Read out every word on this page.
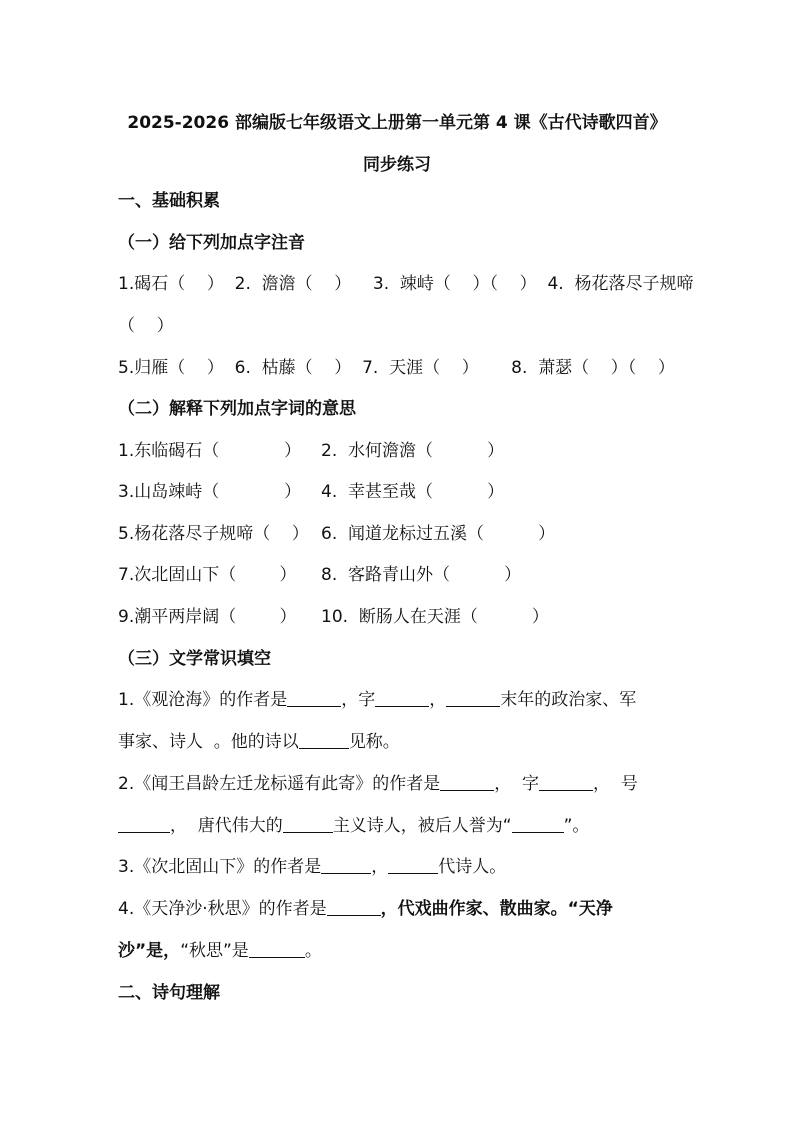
2025-2026 部编版七年级语文上册第一单元第 4 课《古代诗歌四首》
同步练习
一、基础积累
（一）给下列加点字注音
1.碣石（    ）  2.  澹澹（    ）    3.  竦峙（    ）（    ）  4.  杨花落尽子规啼
（    ）
5.归雁（    ）  6.  枯藤（    ）  7.  天涯（    ）      8.  萧瑟（    ）（    ）
（二）解释下列加点字词的意思
1.东临碣石（            ） 2.  水何澹澹（          ）
3.山岛竦峙（            ） 4.  幸甚至哉（          ）
5.杨花落尽子规啼（    ） 6.  闻道龙标过五溪（          ）
7.次北固山下（        ） 8.  客路青山外（          ）
9.潮平两岸阔（        ） 10.  断肠人在天涯（          ）
（三）文学常识填空
1.《观沧海》的作者是	，字	，	末年的政治家、军
事家、诗人  。他的诗以	见称。
2.《闻王昌龄左迁龙标遥有此寄》的作者是	，  字	，  号
，  唐代伟大的	主义诗人，被后人誉为“	”。
3.《次北固山下》的作者是	，	代诗人。
4.《天净沙·秋思》的作者是	，代戏曲作家、散曲家。“天净
沙”是，“秋思”是	。
二、诗句理解
